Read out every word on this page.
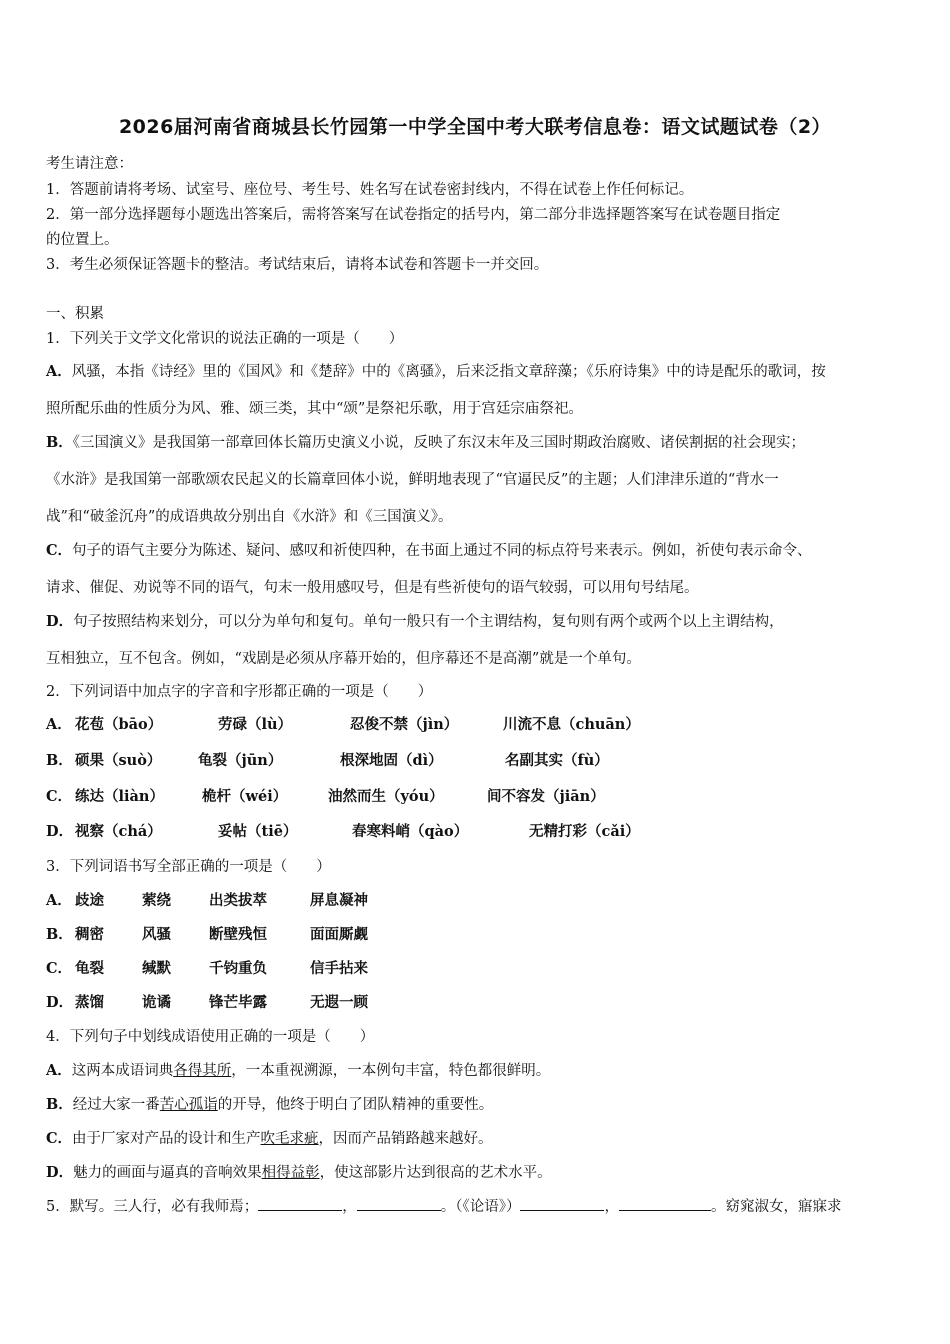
2026届河南省商城县长竹园第一中学全国中考大联考信息卷：语文试题试卷（2）
考生请注意：
1．答题前请将考场、试室号、座位号、考生号、姓名写在试卷密封线内，不得在试卷上作任何标记。
2．第一部分选择题每小题选出答案后，需将答案写在试卷指定的括号内，第二部分非选择题答案写在试卷题目指定
的位置上。
3．考生必须保证答题卡的整洁。考试结束后，请将本试卷和答题卡一并交回。
一、积累
1．下列关于文学文化常识的说法正确的一项是（　　）
A．风骚，本指《诗经》里的《国风》和《楚辞》中的《离骚》，后来泛指文章辞藻；《乐府诗集》中的诗是配乐的歌词，按
照所配乐曲的性质分为风、雅、颂三类，其中“颂”是祭祀乐歌，用于宫廷宗庙祭祀。
B．《三国演义》是我国第一部章回体长篇历史演义小说，反映了东汉末年及三国时期政治腐败、诸侯割据的社会现实；
《水浒》是我国第一部歌颂农民起义的长篇章回体小说，鲜明地表现了“官逼民反”的主题；人们津津乐道的“背水一
战”和“破釜沉舟”的成语典故分别出自《水浒》和《三国演义》。
C．句子的语气主要分为陈述、疑问、感叹和祈使四种，在书面上通过不同的标点符号来表示。例如，祈使句表示命令、
请求、催促、劝说等不同的语气，句末一般用感叹号，但是有些祈使句的语气较弱，可以用句号结尾。
D．句子按照结构来划分，可以分为单句和复句。单句一般只有一个主谓结构，复句则有两个或两个以上主谓结构，
互相独立，互不包含。例如，“戏剧是必须从序幕开始的，但序幕还不是高潮”就是一个单句。
2．下列词语中加点字的字音和字形都正确的一项是（　　）
A． 花苞（bāo）	劳碌（lù）	忍俊不禁（jìn）	川流不息（chuān）
B． 硕果（suò）	龟裂（jūn）	根深地固（dì）	名副其实（fù）
C． 练达（liàn）	桅杆（wéi）	油然而生（yóu）	间不容发（jiān）
D． 视察（chá）	妥帖（tiē）	春寒料峭（qào）	无精打彩（cǎi）
3．下列词语书写全部正确的一项是（　　）
A． 歧途	萦绕	出类拔萃	屏息凝神
B． 稠密	风骚	断壁残恒	面面厮觑
C． 龟裂	缄默	千钧重负	信手拈来
D． 蒸馏	诡谲	锋芒毕露	无遐一顾
4．下列句子中划线成语使用正确的一项是（　　）
A．这两本成语词典各得其所，一本重视溯源，一本例句丰富，特色都很鲜明。
B．经过大家一番苦心孤诣的开导，他终于明白了团队精神的重要性。
C．由于厂家对产品的设计和生产吹毛求疵，因而产品销路越来越好。
D．魅力的画面与逼真的音响效果相得益彰，使这部影片达到很高的艺术水平。
5．默写。三人行，必有我师焉；	，	。（《论语》）	，	。窈窕淑女，寤寐求
